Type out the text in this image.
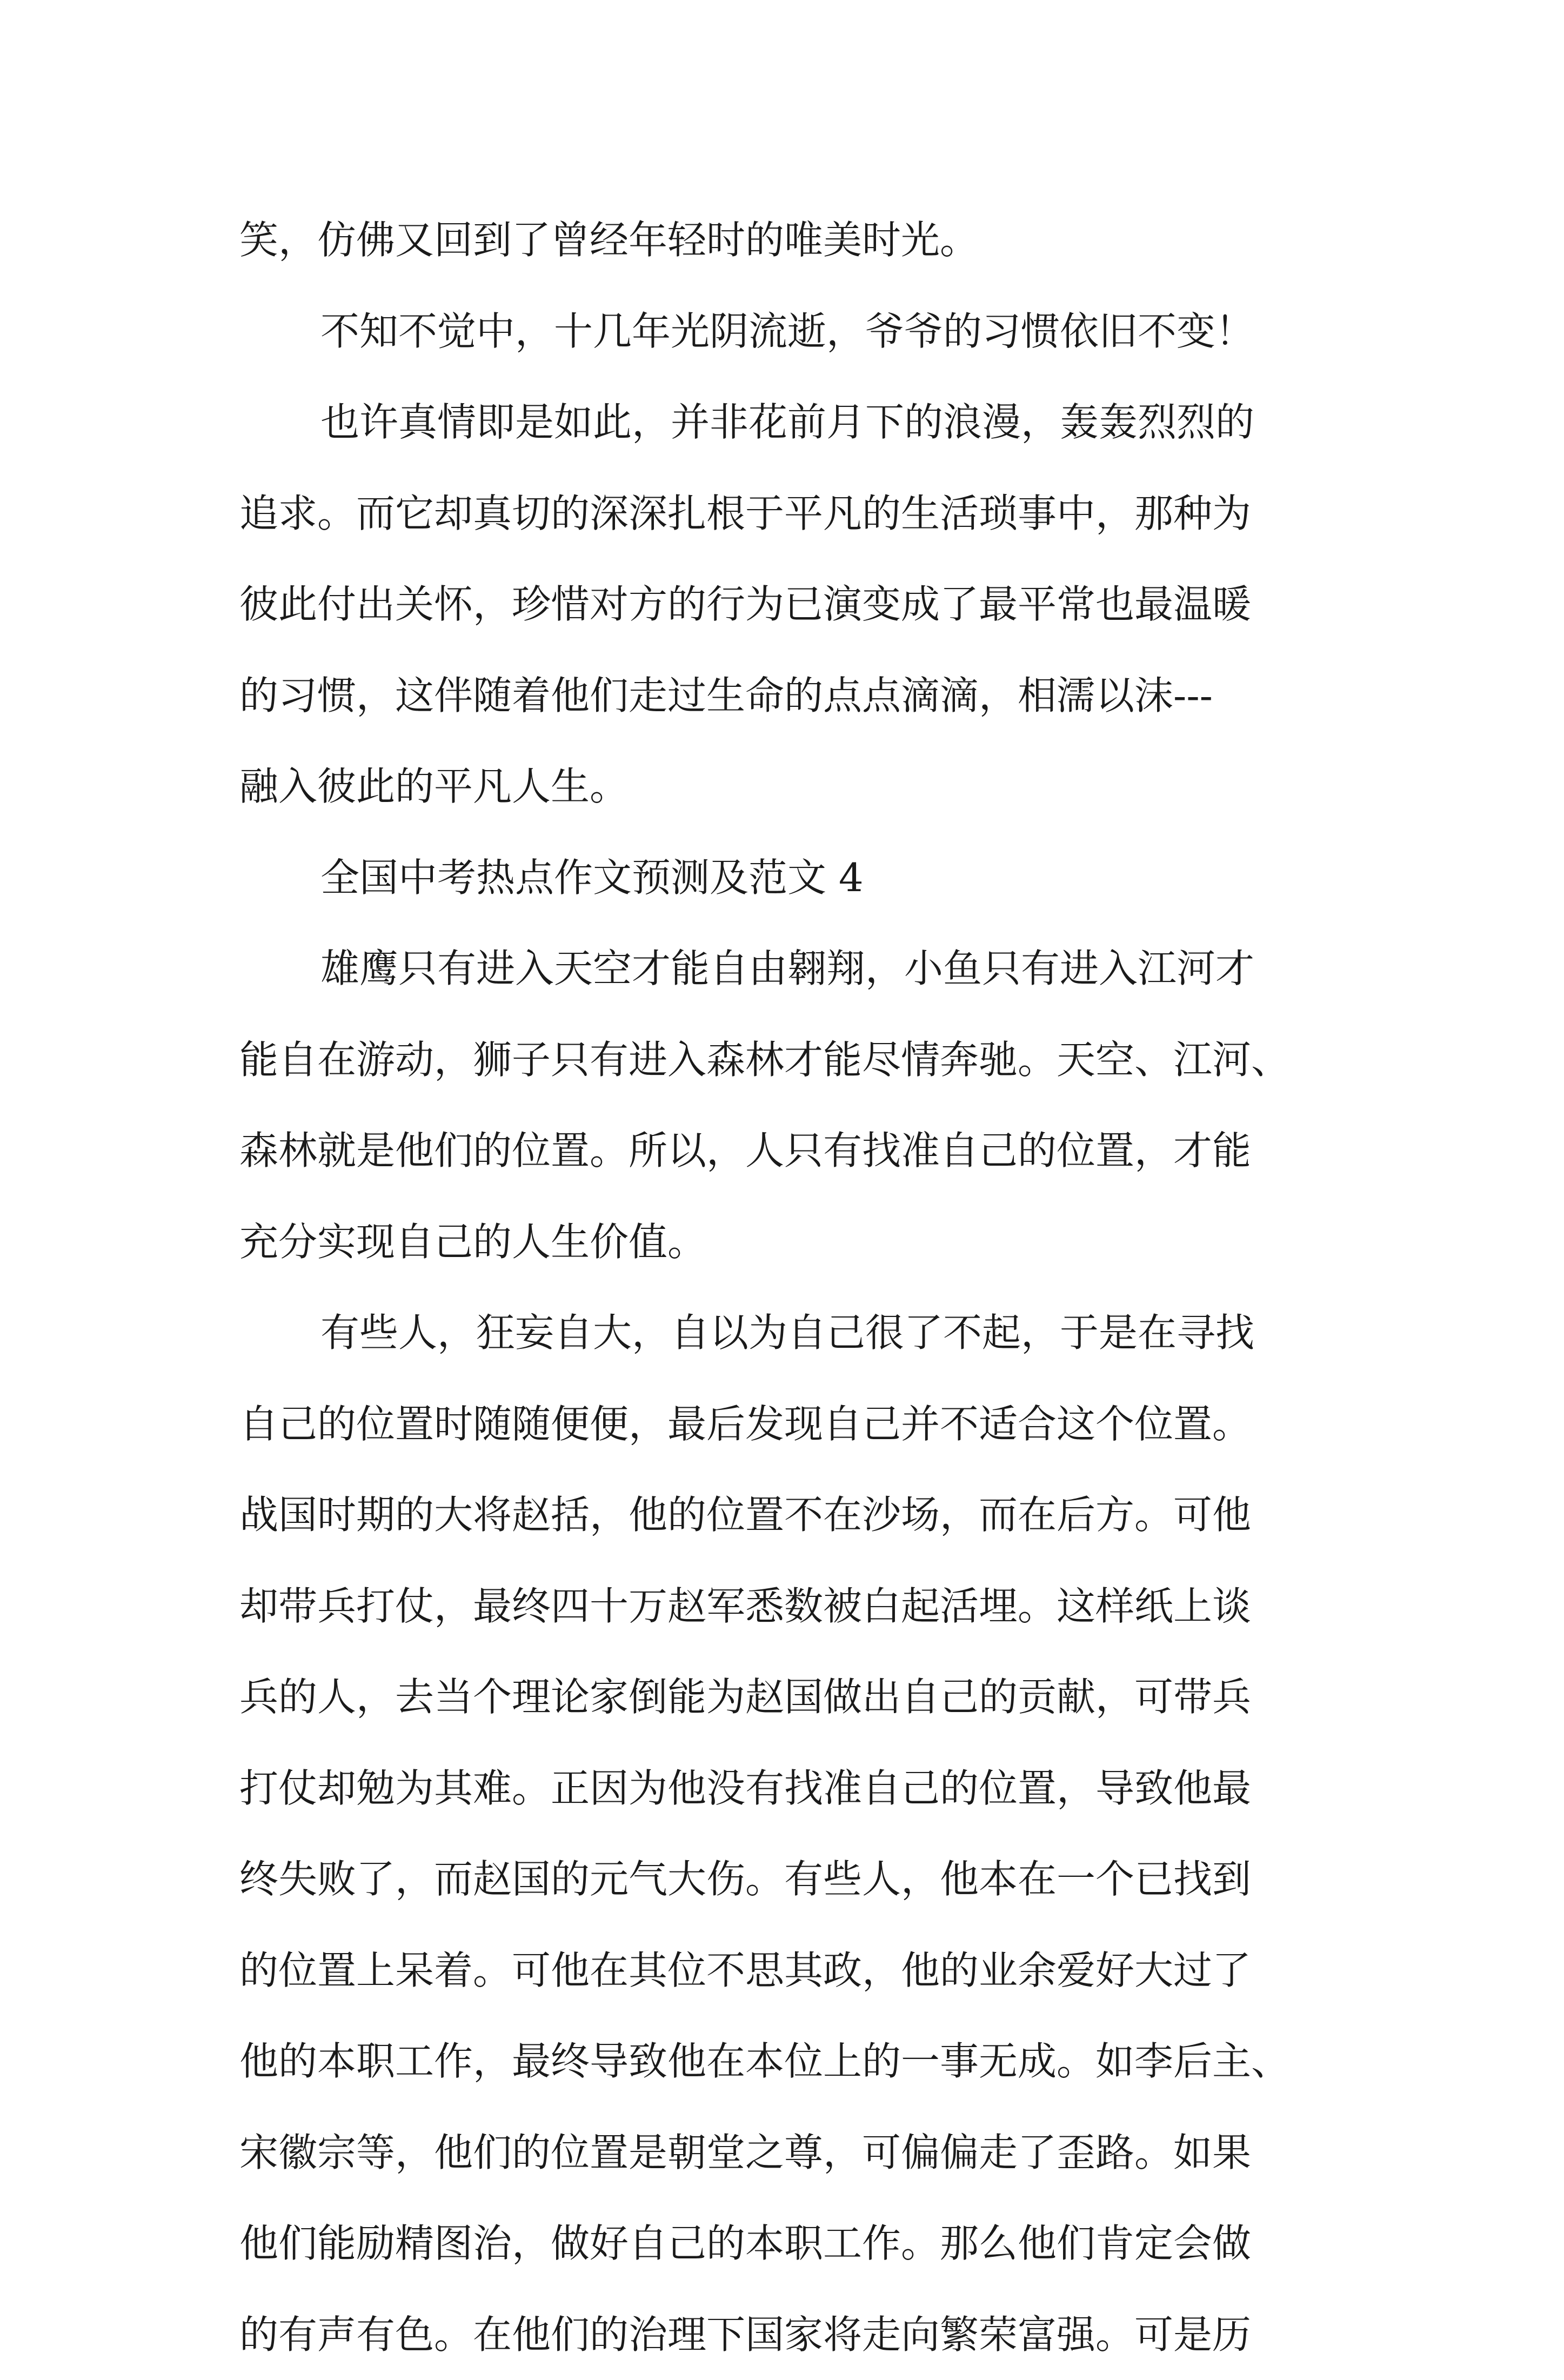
笑，仿佛又回到了曾经年轻时的唯美时光。
不知不觉中，十几年光阴流逝，爷爷的习惯依旧不变！
也许真情即是如此，并非花前月下的浪漫，轰轰烈烈的
追求。而它却真切的深深扎根于平凡的生活琐事中，那种为
彼此付出关怀，珍惜对方的行为已演变成了最平常也最温暖
的习惯，这伴随着他们走过生命的点点滴滴，相濡以沫---
融入彼此的平凡人生。
全国中考热点作文预测及范文 4
雄鹰只有进入天空才能自由翱翔，小鱼只有进入江河才
能自在游动，狮子只有进入森林才能尽情奔驰。天空、江河、
森林就是他们的位置。所以，人只有找准自己的位置，才能
充分实现自己的人生价值。
有些人，狂妄自大，自以为自己很了不起，于是在寻找
自己的位置时随随便便，最后发现自己并不适合这个位置。
战国时期的大将赵括，他的位置不在沙场，而在后方。可他
却带兵打仗，最终四十万赵军悉数被白起活埋。这样纸上谈
兵的人，去当个理论家倒能为赵国做出自己的贡献，可带兵
打仗却勉为其难。正因为他没有找准自己的位置，导致他最
终失败了，而赵国的元气大伤。有些人，他本在一个已找到
的位置上呆着。可他在其位不思其政，他的业余爱好大过了
他的本职工作，最终导致他在本位上的一事无成。如李后主、
宋徽宗等，他们的位置是朝堂之尊，可偏偏走了歪路。如果
他们能励精图治，做好自己的本职工作。那么他们肯定会做
的有声有色。在他们的治理下国家将走向繁荣富强。可是历
